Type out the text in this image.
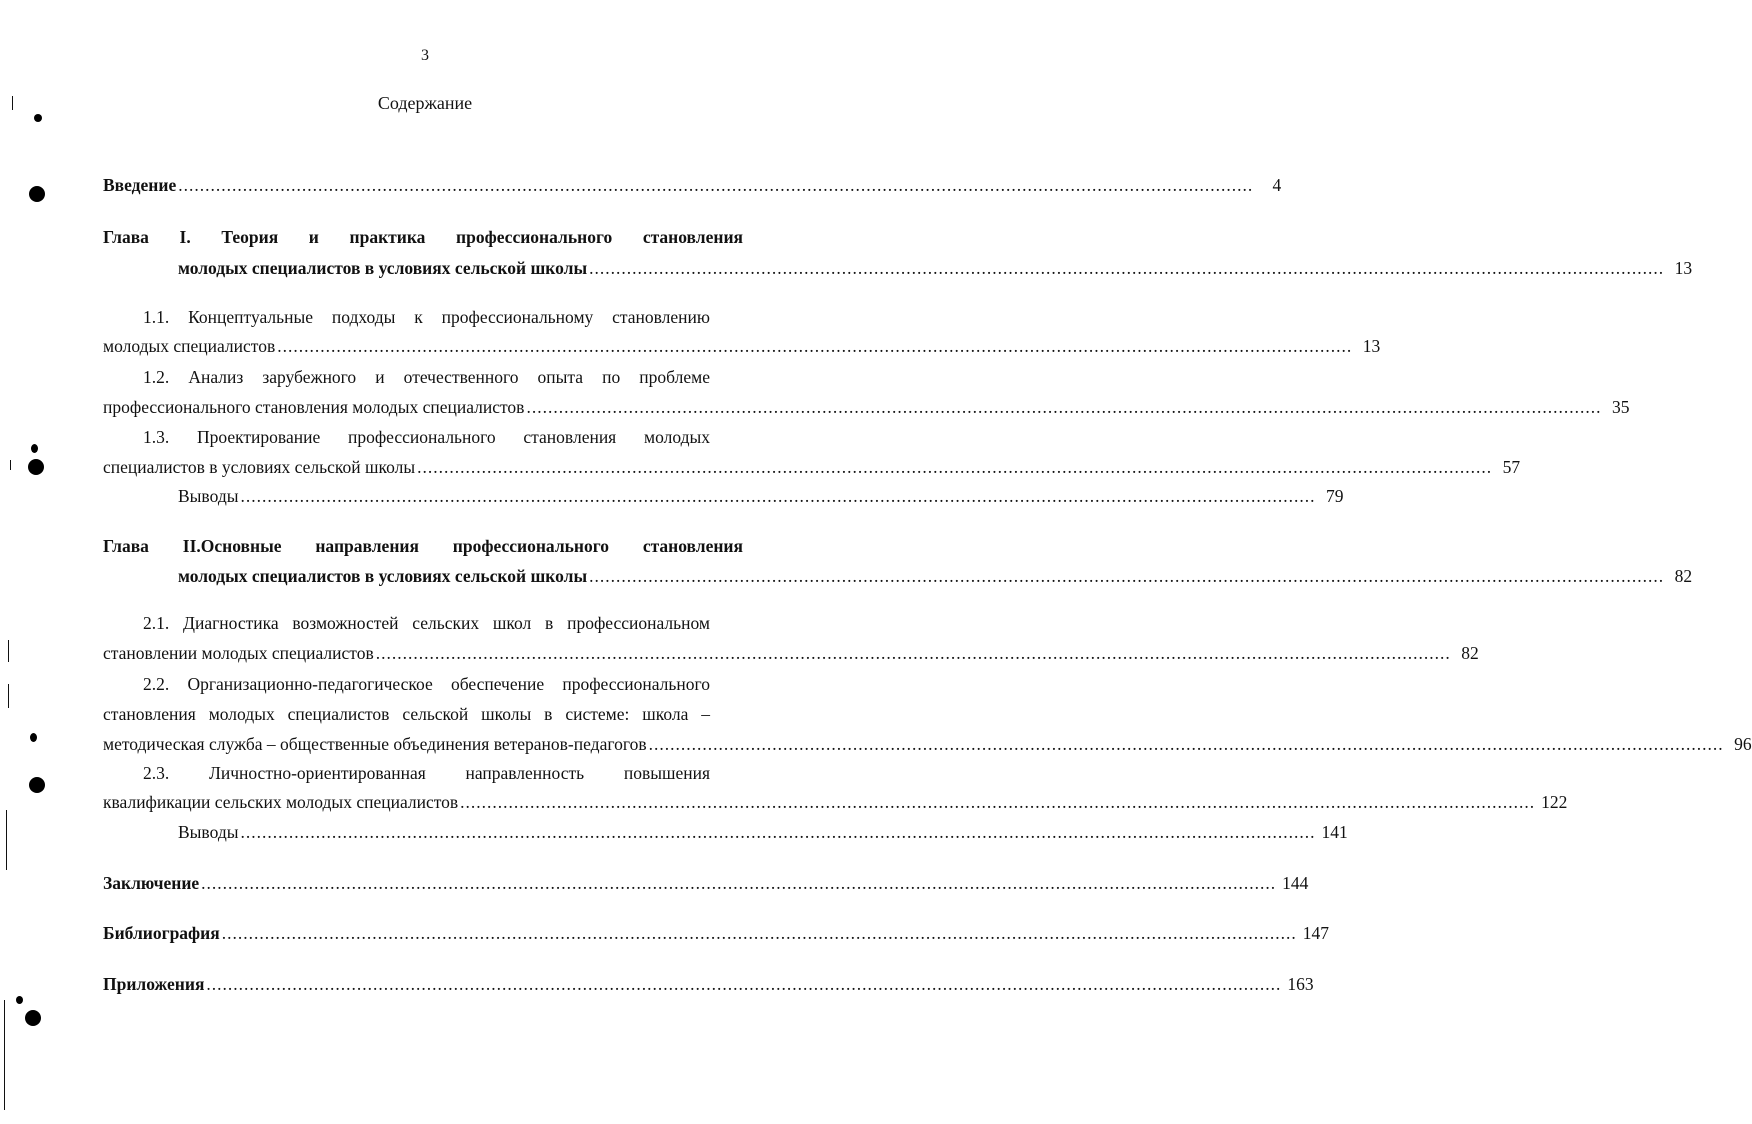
3
Содержание
Введение ........................................................................................................................................................................................................	4
Глава I. Теория и практика профессионального становления
молодых специалистов в условиях сельской школы ........................................................................................................................................................................................................ 13
1.1. Концептуальные подходы к профессиональному становлению
молодых специалистов ........................................................................................................................................................................................................ 13
1.2. Анализ зарубежного и отечественного опыта по проблеме
профессионального становления молодых специалистов ........................................................................................................................................................................................................ 35
1.3. Проектирование профессионального становления молодых
специалистов в условиях сельской школы ........................................................................................................................................................................................................ 57
Выводы ........................................................................................................................................................................................................ 79
Глава II.Основные направления профессионального становления
молодых специалистов в условиях сельской школы ........................................................................................................................................................................................................ 82
2.1. Диагностика возможностей сельских школ в профессиональном
становлении молодых специалистов ........................................................................................................................................................................................................ 82
2.2. Организационно-педагогическое обеспечение профессионального
становления молодых специалистов сельской школы в системе: школа –
методическая служба – общественные объединения ветеранов-педагогов ........................................................................................................................................................................................................ 96
2.3. Личностно-ориентированная направленность повышения
квалификации сельских молодых специалистов ........................................................................................................................................................................................................ 122
Выводы ........................................................................................................................................................................................................ 141
Заключение ........................................................................................................................................................................................................ 144
Библиография ........................................................................................................................................................................................................ 147
Приложения ........................................................................................................................................................................................................ 163
